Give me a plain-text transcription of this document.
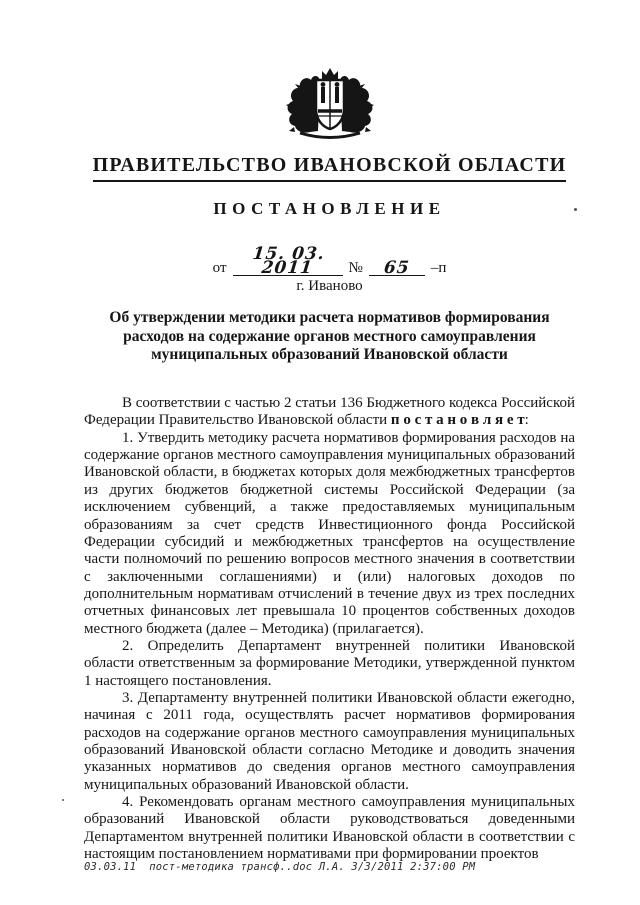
ПРАВИТЕЛЬСТВО ИВАНОВСКОЙ ОБЛАСТИ
ПОСТАНОВЛЕНИЕ
от
15. 03. 2011	№	65	–п
г. Иваново
Об утверждении методики расчета нормативов формирования расходов на содержание органов местного самоуправления муниципальных образований Ивановской области

В соответствии с частью 2 статьи 136 Бюджетного кодекса Российской Федерации Правительство Ивановской области п о с т а н о в л я е т:

1. Утвердить методику расчета нормативов формирования расходов на содержание органов местного самоуправления муниципальных образований Ивановской области, в бюджетах которых доля межбюджетных трансфертов из других бюджетов бюджетной системы Российской Федерации (за исключением субвенций, а также предоставляемых муниципальным образованиям за счет средств Инвестиционного фонда Российской Федерации субсидий и межбюджетных трансфертов на осуществление части полномочий по решению вопросов местного значения в соответствии с заключенными соглашениями) и (или) налоговых доходов по дополнительным нормативам отчислений в течение двух из трех последних отчетных финансовых лет превышала 10 процентов собственных доходов местного бюджета (далее – Методика) (прилагается).

2. Определить Департамент внутренней политики Ивановской области ответственным за формирование Методики, утвержденной пунктом 1 настоящего постановления.

3. Департаменту внутренней политики Ивановской области ежегодно, начиная с 2011 года, осуществлять расчет нормативов формирования расходов на содержание органов местного самоуправления муниципальных образований Ивановской области согласно Методике и доводить значения указанных нормативов до сведения органов местного самоуправления муниципальных образований Ивановской области.

4. Рекомендовать органам местного самоуправления муниципальных образований Ивановской области руководствоваться доведенными Департаментом внутренней политики Ивановской области в соответствии с настоящим постановлением нормативами при формировании проектов

03.03.11  пост-методика трансф..doc Л.А. 3/3/2011 2:37:00 PM
